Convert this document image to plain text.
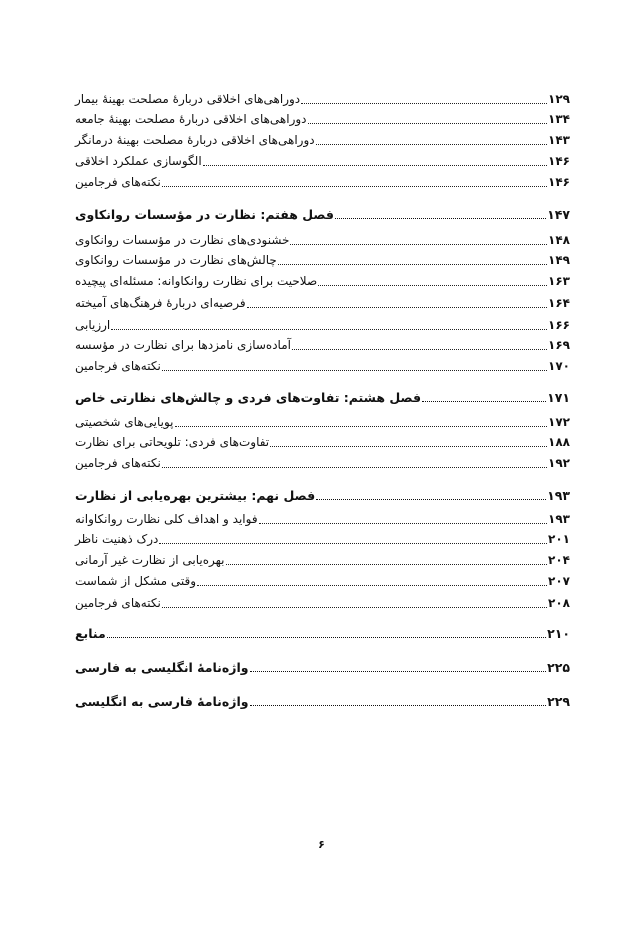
دوراهی‌های اخلاقی دربارهٔ مصلحت بهینهٔ بیمار	۱۲۹
دوراهی‌های اخلاقی دربارهٔ مصلحت بهینهٔ جامعه	۱۳۴
دوراهی‌های اخلاقی دربارهٔ مصلحت بهینهٔ درمانگر	۱۴۳
الگوسازی عملکرد اخلاقی	۱۴۶
نکته‌های فرجامین	۱۴۶
فصل هفتم: نظارت در مؤسسات روانکاوی	۱۴۷
خشنودی‌های نظارت در مؤسسات روانکاوی	۱۴۸
چالش‌های نظارت در مؤسسات روانکاوی	۱۴۹
صلاحیت برای نظارت روانکاوانه: مسئله‌ای پیچیده	۱۶۳
فرصیه‌ای دربارهٔ فرهنگ‌های آمیخته	۱۶۴
ارزیابی	۱۶۶
آماده‌سازی نامزدها برای نظارت در مؤسسه	۱۶۹
نکته‌های فرجامین	۱۷۰
فصل هشتم: تفاوت‌های فردی و چالش‌های نظارتی خاص	۱۷۱
پویایی‌های شخصیتی	۱۷۲
تفاوت‌های فردی: تلویحاتی برای نظارت	۱۸۸
نکته‌های فرجامین	۱۹۲
فصل نهم: بیشترین بهره‌یابی از نظارت	۱۹۳
فواید و اهداف کلی نظارت روانکاوانه	۱۹۳
درک ذهنیت ناظر	۲۰۱
بهره‌یابی از نظارت غیر آرمانی	۲۰۴
وقتی مشکل از شماست	۲۰۷
نکته‌های فرجامین	۲۰۸
منابع	۲۱۰
واژه‌نامهٔ انگلیسی به فارسی	۲۲۵
واژه‌نامهٔ فارسی به انگلیسی	۲۲۹
۶
